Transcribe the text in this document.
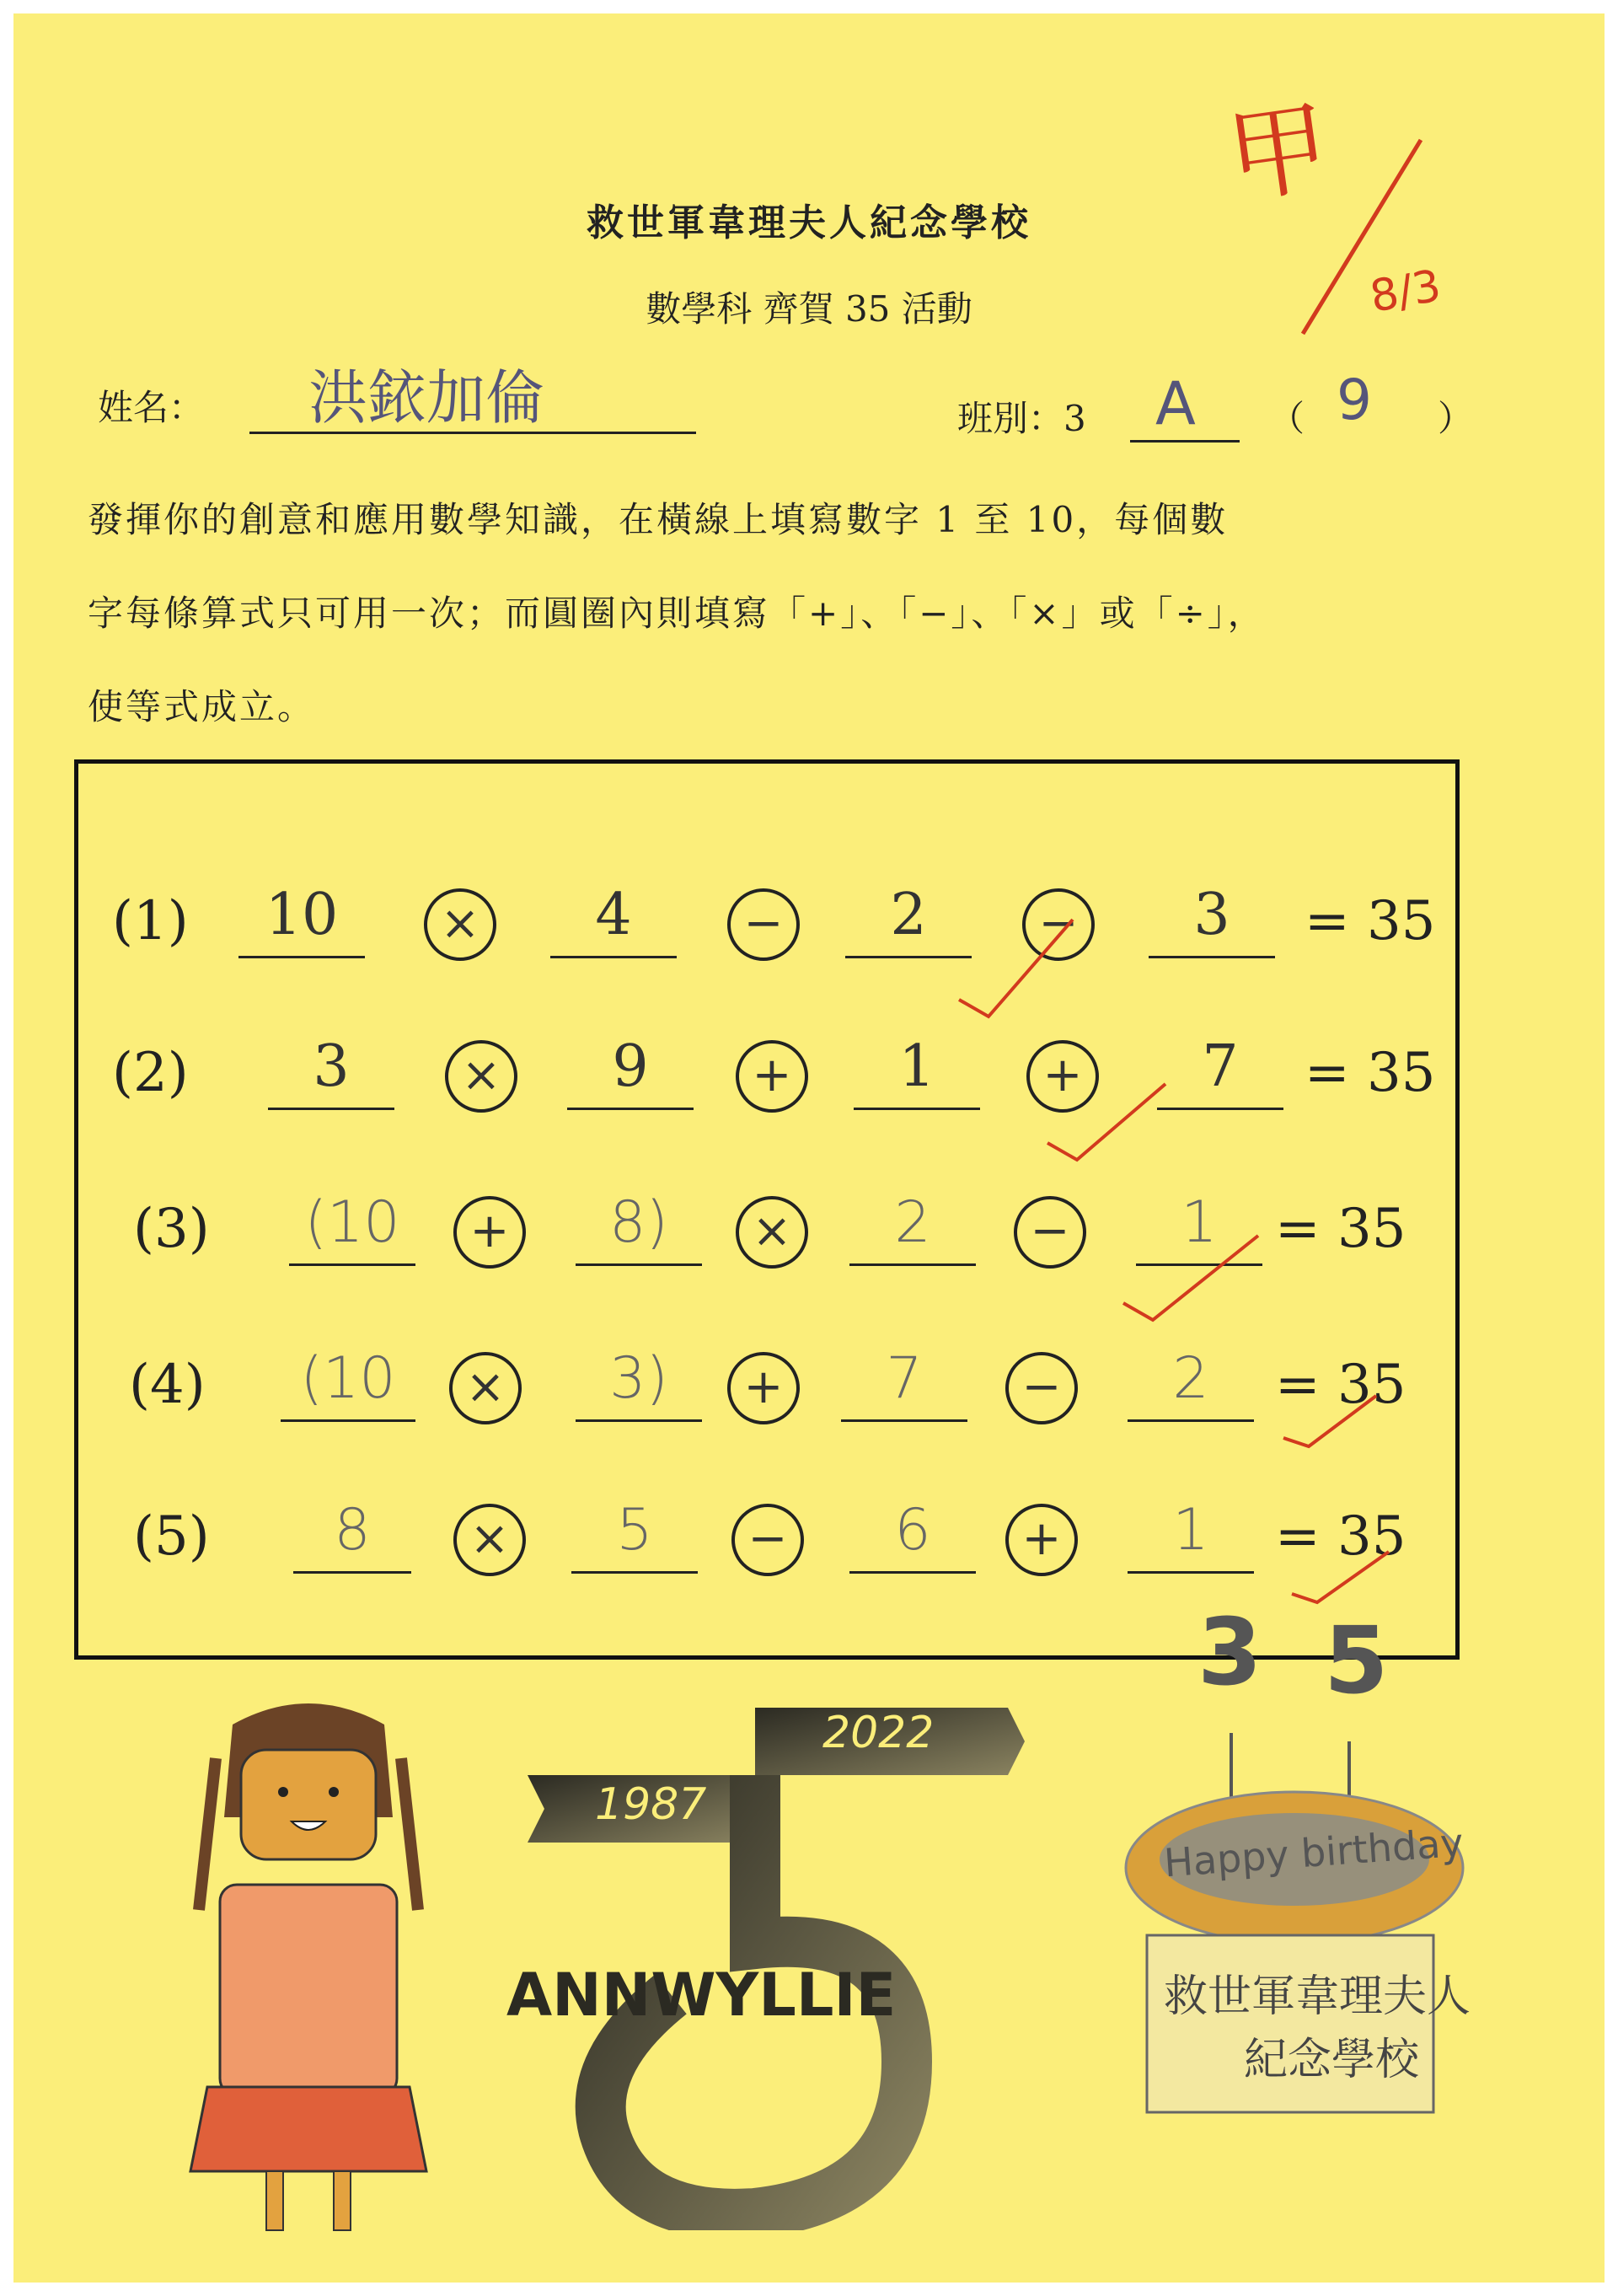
救世軍韋理夫人紀念學校
數學科 齊賀 35 活動
甲
8/3
姓名： 洪銥加倫	班別：3 A （ 9 ）
發揮你的創意和應用數學知識，在橫線上填寫數字 1 至 10，每個數
字每條算式只可用一次；而圓圈內則填寫「+」、「−」、「×」或「÷」，
使等式成立。
(1)	10	×	4	−	2	−	3	= 35
(2)	3	×	9	+	1	+	7	= 35
(3) (10	+	8)	×	2	−	1	= 35
(4)	(10	×	3)	+	7	−	2	= 35
(5)	8	×	5	−	6	+	1	= 35
2022
1987
ANNWYLLIE
3 5
Happy birthday
救世軍韋理夫人
紀念學校
